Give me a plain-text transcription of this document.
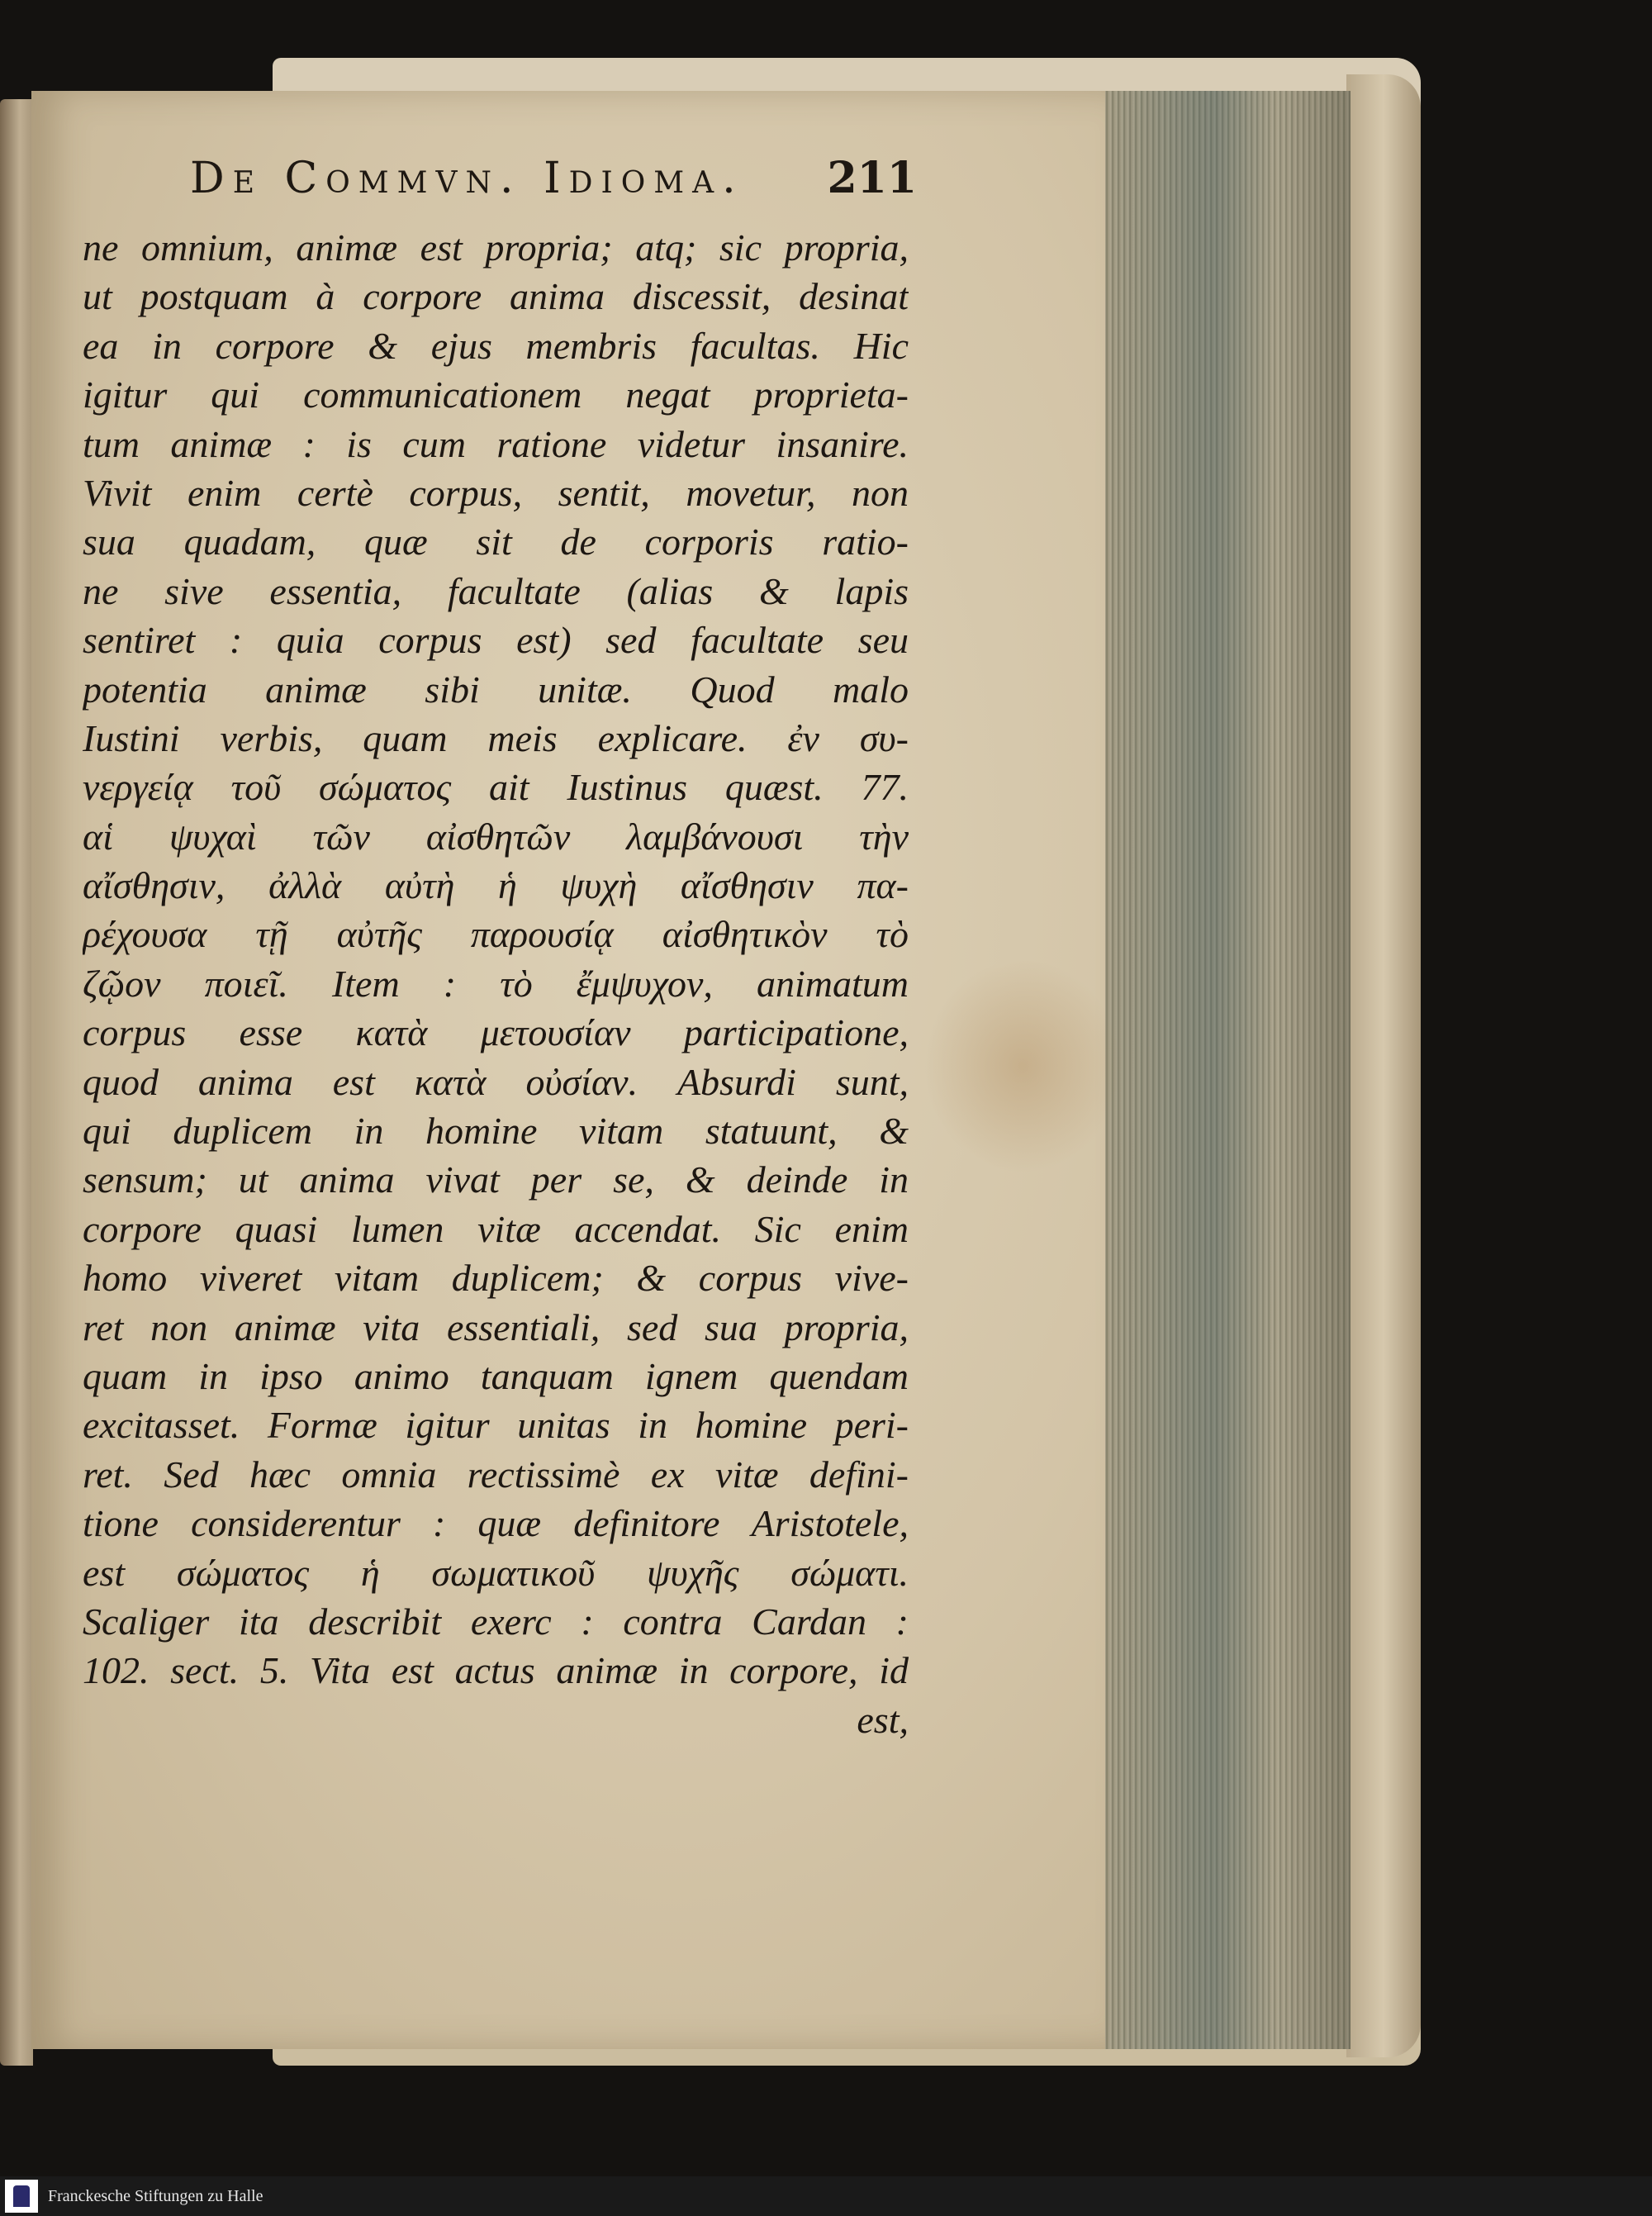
De Commvn. Idioma. 211
ne omnium, animæ est propria; atq; sic propria,
ut postquam à corpore anima discessit, desinat
ea in corpore & ejus membris facultas. Hic
igitur qui communicationem negat proprieta-
tum animæ : is cum ratione videtur insanire.
Vivit enim certè corpus, sentit, movetur, non
sua quadam, quæ sit de corporis ratio-
ne sive essentia, facultate (alias & lapis
sentiret : quia corpus est) sed facultate seu
potentia animæ sibi unitæ. Quod malo
Iustini verbis, quam meis explicare. ἐν συ-
νεργείᾳ τοῦ σώματος ait Iustinus quæst. 77.
αἱ ψυχαὶ τῶν αἰσθητῶν λαμβάνουσι τὴν
αἴσθησιν, ἀλλὰ αὐτὴ ἡ ψυχὴ αἴσθησιν πα-
ρέχουσα τῇ αὐτῆς παρουσίᾳ αἰσθητικὸν τὸ
ζῷον ποιεῖ. Item : τὸ ἔμψυχον, animatum
corpus esse κατὰ μετουσίαν participatione,
quod anima est κατὰ οὐσίαν. Absurdi sunt,
qui duplicem in homine vitam statuunt, &
sensum; ut anima vivat per se, & deinde in
corpore quasi lumen vitæ accendat. Sic enim
homo viveret vitam duplicem; & corpus vive-
ret non animæ vita essentiali, sed sua propria,
quam in ipso animo tanquam ignem quendam
excitasset. Formæ igitur unitas in homine peri-
ret. Sed hæc omnia rectissimè ex vitæ defini-
tione considerentur : quæ definitore Aristotele,
est σώματος ἡ σωματικοῦ ψυχῆς σώματι.
Scaliger ita describit exerc : contra Cardan :
102. sect. 5. Vita est actus animæ in corpore, id
est,
Franckesche Stiftungen zu Halle
